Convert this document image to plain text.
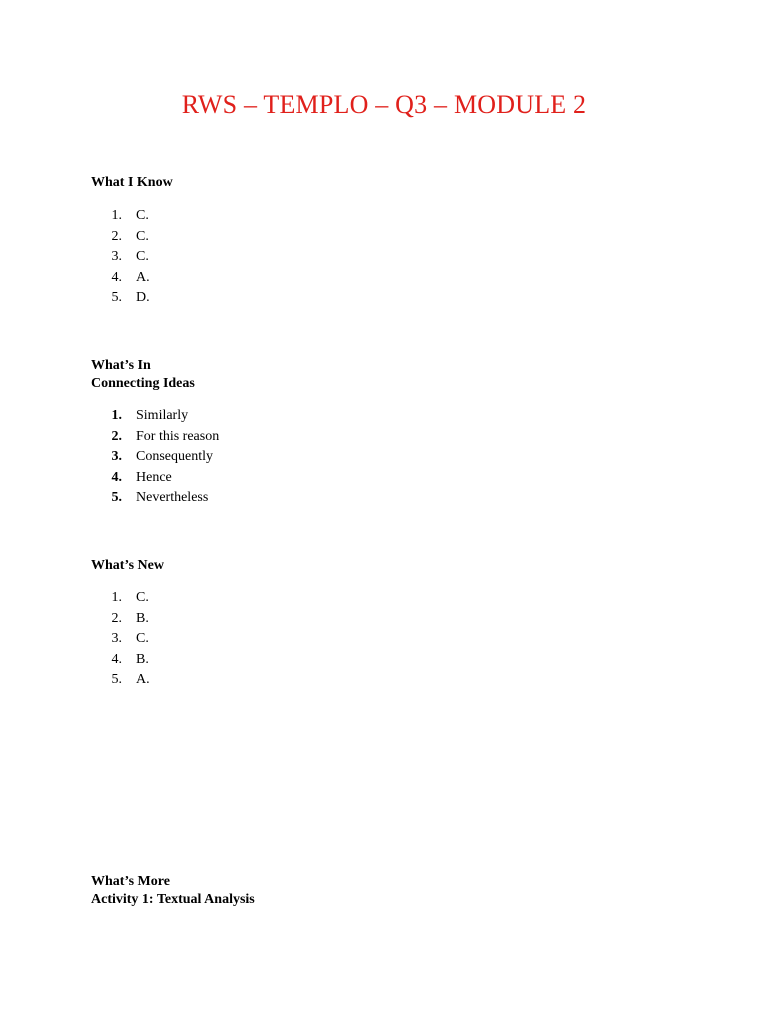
RWS – TEMPLO – Q3 – MODULE 2
What I Know
1. C.
2. C.
3. C.
4. A.
5. D.
What’s In
Connecting Ideas
1. Similarly
2. For this reason
3. Consequently
4. Hence
5. Nevertheless
What’s New
1. C.
2. B.
3. C.
4. B.
5. A.
What’s More
Activity 1: Textual Analysis
